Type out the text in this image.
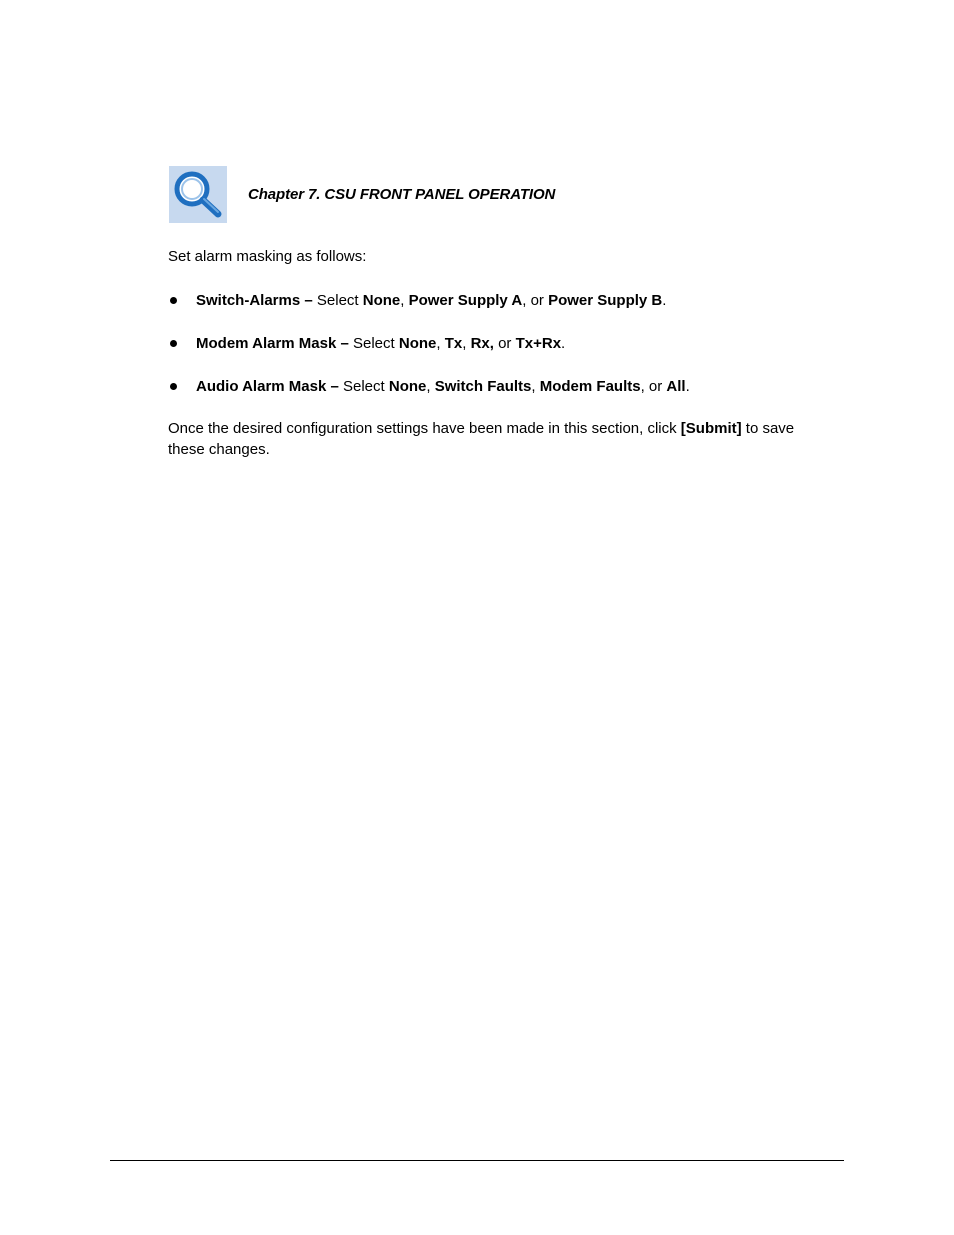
Chapter 7. CSU FRONT PANEL OPERATION

Set alarm masking as follows:

Switch-Alarms – Select None, Power Supply A, or Power Supply B.
Modem Alarm Mask – Select None, Tx, Rx, or Tx+Rx.
Audio Alarm Mask – Select None, Switch Faults, Modem Faults, or All.

Once the desired configuration settings have been made in this section, click [Submit] to save these changes.
